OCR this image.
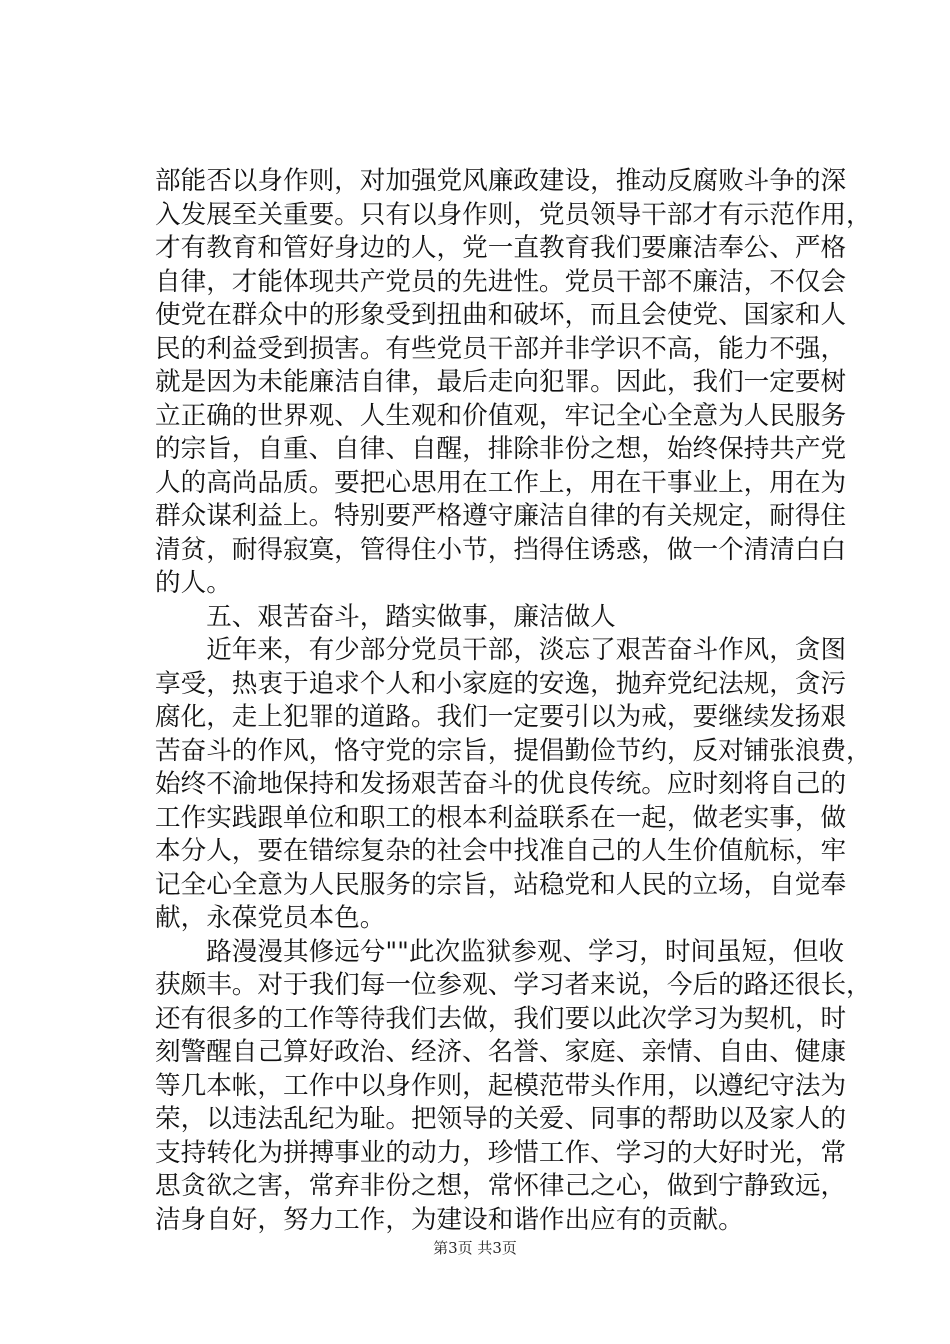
部能否以身作则，对加强党风廉政建设，推动反腐败斗争的深
入发展至关重要。只有以身作则，党员领导干部才有示范作用，
才有教育和管好身边的人，党一直教育我们要廉洁奉公、严格
自律，才能体现共产党员的先进性。党员干部不廉洁，不仅会
使党在群众中的形象受到扭曲和破坏，而且会使党、国家和人
民的利益受到损害。有些党员干部并非学识不高，能力不强，
就是因为未能廉洁自律，最后走向犯罪。因此，我们一定要树
立正确的世界观、人生观和价值观，牢记全心全意为人民服务
的宗旨，自重、自律、自醒，排除非份之想，始终保持共产党
人的高尚品质。要把心思用在工作上，用在干事业上，用在为
群众谋利益上。特别要严格遵守廉洁自律的有关规定，耐得住
清贫，耐得寂寞，管得住小节，挡得住诱惑，做一个清清白白
的人。
　　五、艰苦奋斗，踏实做事，廉洁做人
　　近年来，有少部分党员干部，淡忘了艰苦奋斗作风，贪图
享受，热衷于追求个人和小家庭的安逸，抛弃党纪法规，贪污
腐化，走上犯罪的道路。我们一定要引以为戒，要继续发扬艰
苦奋斗的作风，恪守党的宗旨，提倡勤俭节约，反对铺张浪费，
始终不渝地保持和发扬艰苦奋斗的优良传统。应时刻将自己的
工作实践跟单位和职工的根本利益联系在一起，做老实事，做
本分人，要在错综复杂的社会中找准自己的人生价值航标，牢
记全心全意为人民服务的宗旨，站稳党和人民的立场，自觉奉
献，永葆党员本色。
　　路漫漫其修远兮""此次监狱参观、学习，时间虽短，但收
获颇丰。对于我们每一位参观、学习者来说，今后的路还很长，
还有很多的工作等待我们去做，我们要以此次学习为契机，时
刻警醒自己算好政治、经济、名誉、家庭、亲情、自由、健康
等几本帐，工作中以身作则，起模范带头作用，以遵纪守法为
荣，以违法乱纪为耻。把领导的关爱、同事的帮助以及家人的
支持转化为拼搏事业的动力，珍惜工作、学习的大好时光，常
思贪欲之害，常弃非份之想，常怀律己之心，做到宁静致远，
洁身自好，努力工作，为建设和谐作出应有的贡献。
第3页 共3页
